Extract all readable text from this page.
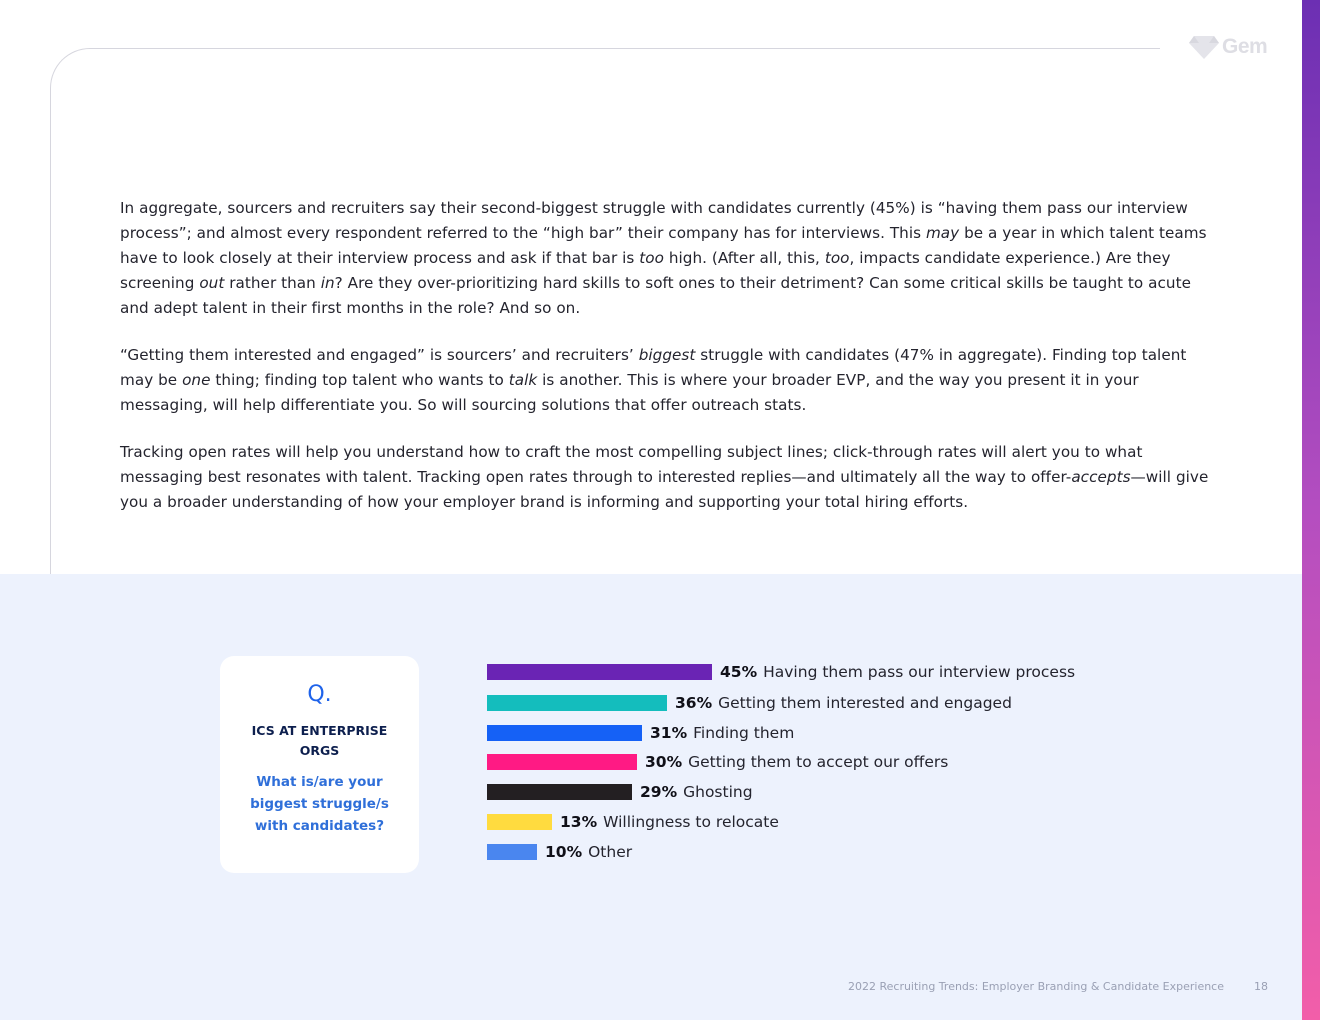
Gem

In aggregate, sourcers and recruiters say their second-biggest struggle with candidates currently (45%) is “having them pass our interview process”; and almost every respondent referred to the “high bar” their company has for interviews. This may be a year in which talent teams have to look closely at their interview process and ask if that bar is too high. (After all, this, too, impacts candidate experience.) Are they screening out rather than in? Are they over-prioritizing hard skills to soft ones to their detriment? Can some critical skills be taught to acute and adept talent in their first months in the role? And so on.

“Getting them interested and engaged” is sourcers’ and recruiters’ biggest struggle with candidates (47% in aggregate). Finding top talent may be one thing; finding top talent who wants to talk is another. This is where your broader EVP, and the way you present it in your messaging, will help differentiate you. So will sourcing solutions that offer outreach stats.

Tracking open rates will help you understand how to craft the most compelling subject lines; click-through rates will alert you to what messaging best resonates with talent. Tracking open rates through to interested replies—and ultimately all the way to offer-accepts—will give you a broader understanding of how your employer brand is informing and supporting your total hiring efforts.

Q.
ICS AT ENTERPRISE ORGS
What is/are your biggest struggle/s with candidates?
45% Having them pass our interview process
36% Getting them interested and engaged
31% Finding them
30% Getting them to accept our offers
29% Ghosting
13% Willingness to relocate
10% Other
2022 Recruiting Trends: Employer Branding & Candidate Experience	18
